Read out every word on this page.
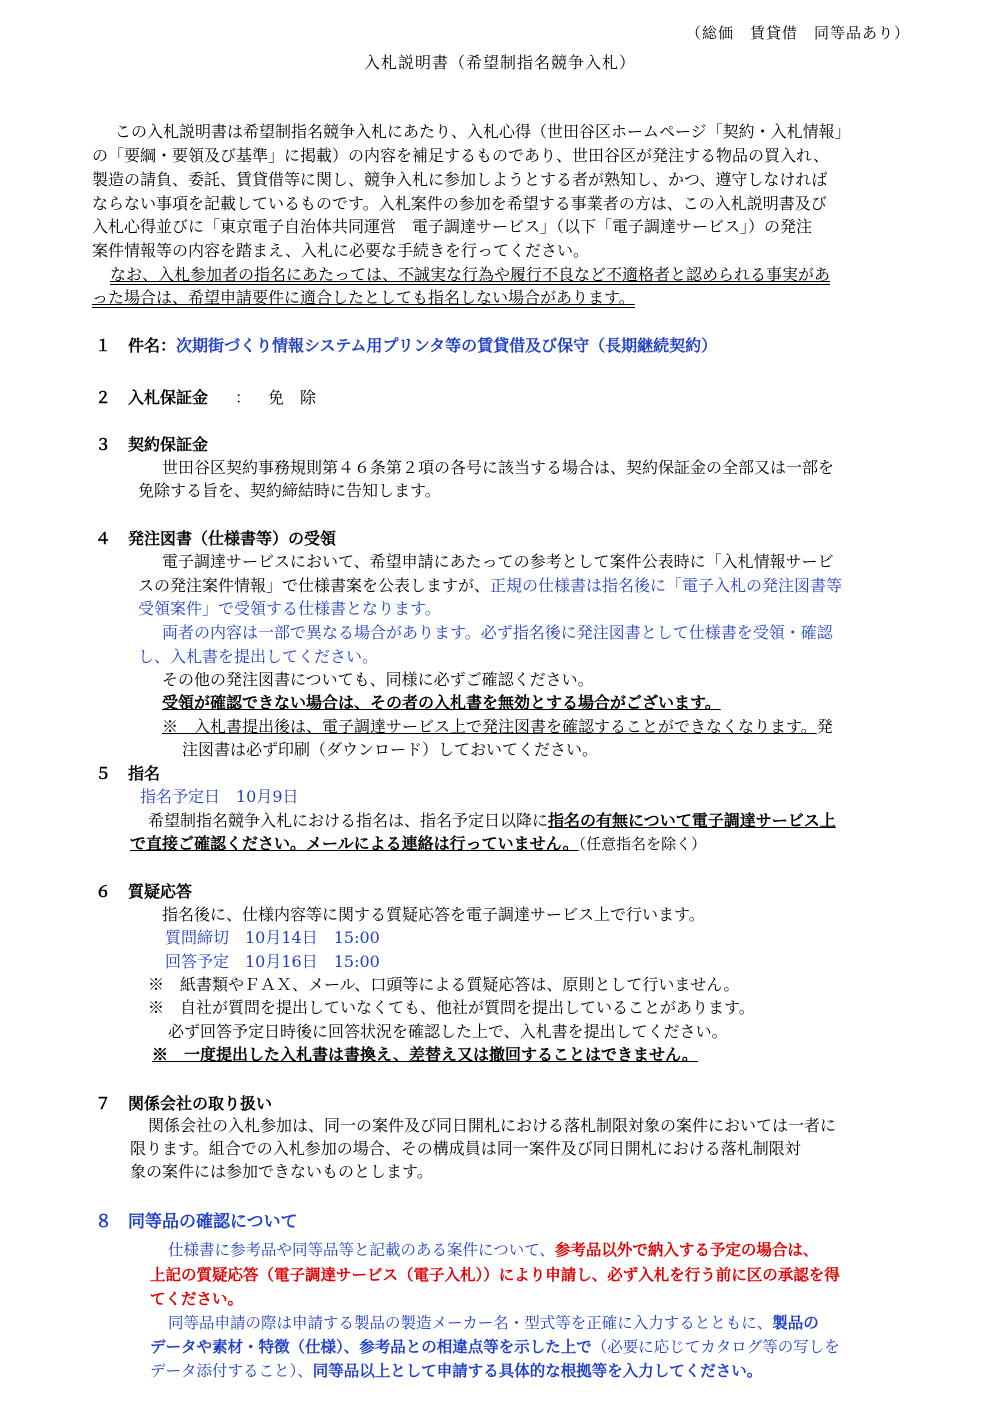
（総価　賃貸借　同等品あり）
入札説明書（希望制指名競争入札）
この入札説明書は希望制指名競争入札にあたり、入札心得（世田谷区ホームページ「契約・入札情報」
の「要綱・要領及び基準」に掲載）の内容を補足するものであり、世田谷区が発注する物品の買入れ、
製造の請負、委託、賃貸借等に関し、競争入札に参加しようとする者が熟知し、かつ、遵守しなければ
ならない事項を記載しているものです。入札案件の参加を希望する事業者の方は、この入札説明書及び
入札心得並びに「東京電子自治体共同運営　電子調達サービス」（以下「電子調達サービス」）の発注
案件情報等の内容を踏まえ、入札に必要な手続きを行ってください。
なお、入札参加者の指名にあたっては、不誠実な行為や履行不良など不適格者と認められる事実があ
った場合は、希望申請要件に適合したとしても指名しない場合があります。
１ 件名：次期街づくり情報システム用プリンタ等の賃貸借及び保守（長期継続契約）
２ 入札保証金 ： 免　除
３ 契約保証金
世田谷区契約事務規則第４６条第２項の各号に該当する場合は、契約保証金の全部又は一部を
免除する旨を、契約締結時に告知します。
４ 発注図書（仕様書等）の受領
電子調達サービスにおいて、希望申請にあたっての参考として案件公表時に「入札情報サービ
スの発注案件情報」で仕様書案を公表しますが、正規の仕様書は指名後に「電子入札の発注図書等
受領案件」で受領する仕様書となります。
両者の内容は一部で異なる場合があります。必ず指名後に発注図書として仕様書を受領・確認
し、入札書を提出してください。
その他の発注図書についても、同様に必ずご確認ください。
受領が確認できない場合は、その者の入札書を無効とする場合がございます。
※　入札書提出後は、電子調達サービス上で発注図書を確認することができなくなります。発
注図書は必ず印刷（ダウンロード）しておいてください。
５ 指名
指名予定日　10月9日
希望制指名競争入札における指名は、指名予定日以降に指名の有無について電子調達サービス上
で直接ご確認ください。メールによる連絡は行っていません。（任意指名を除く）
６ 質疑応答
指名後に、仕様内容等に関する質疑応答を電子調達サービス上で行います。
質問締切　10月14日　15:00
回答予定　10月16日　15:00
※　紙書類やＦＡＸ、メール、口頭等による質疑応答は、原則として行いません。
※　自社が質問を提出していなくても、他社が質問を提出していることがあります。
必ず回答予定日時後に回答状況を確認した上で、入札書を提出してください。
※　一度提出した入札書は書換え、差替え又は撤回することはできません。
７ 関係会社の取り扱い
関係会社の入札参加は、同一の案件及び同日開札における落札制限対象の案件においては一者に
限ります。組合での入札参加の場合、その構成員は同一案件及び同日開札における落札制限対
象の案件には参加できないものとします。
８ 同等品の確認について
仕様書に参考品や同等品等と記載のある案件について、参考品以外で納入する予定の場合は、
上記の質疑応答（電子調達サービス（電子入札））により申請し、必ず入札を行う前に区の承認を得
てください。
同等品申請の際は申請する製品の製造メーカー名・型式等を正確に入力するとともに、製品の
データや素材・特徴（仕様）、参考品との相違点等を示した上で（必要に応じてカタログ等の写しを
データ添付すること）、同等品以上として申請する具体的な根拠等を入力してください。
